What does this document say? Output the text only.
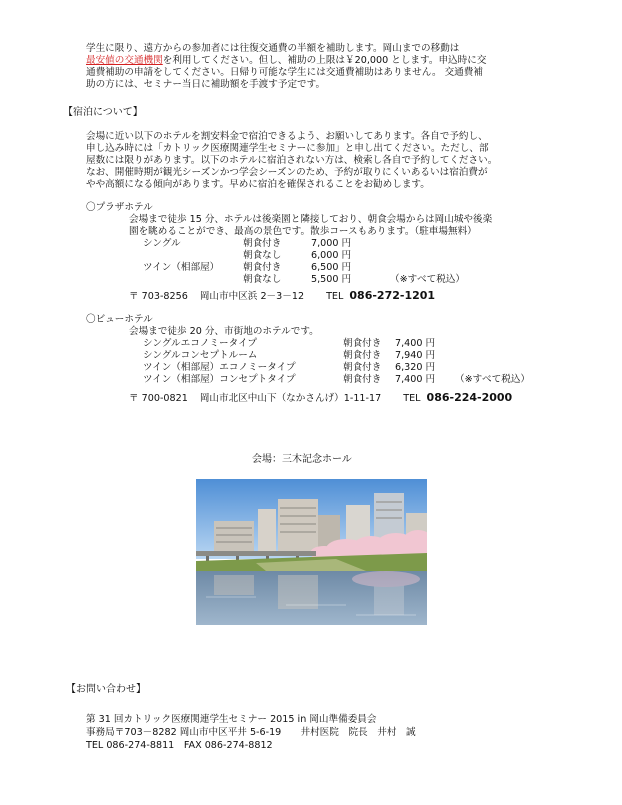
学生に限り、遠方からの参加者には往復交通費の半額を補助します。岡山までの移動は
最安値の交通機関を利用してください。但し、補助の上限は￥20,000 とします。申込時に交
通費補助の申請をしてください。日帰り可能な学生には交通費補助はありません。 交通費補
助の方には、セミナー当日に補助額を手渡す予定です。
【宿泊について】
会場に近い以下のホテルを割安料金で宿泊できるよう、お願いしてあります。各自で予約し、
申し込み時には「カトリック医療関連学生セミナーに参加」と申し出てください。ただし、部
屋数には限りがあります。以下のホテルに宿泊されない方は、検索し各自で予約してください。
なお、開催時期が観光シーズンかつ学会シーズンのため、予約が取りにくいあるいは宿泊費が
やや高額になる傾向があります。早めに宿泊を確保されることをお勧めします。
〇プラザホテル
会場まで徒歩 15 分、ホテルは後楽園と隣接しており、朝食会場からは岡山城や後楽
園を眺めることができ、最高の景色です。散歩コースもあります。（駐車場無料）
シングル	朝食付き	7,000 円
朝食なし	6,000 円
ツイン（相部屋） 朝食付き	6,500 円
朝食なし	5,500 円	（※すべて税込）
〒 703-8256 岡山市中区浜 2－3－12 TEL 086-272-1201
〇ビューホテル
会場まで徒歩 20 分、市街地のホテルです。
シングルエコノミータイプ	朝食付き 7,400 円
シングルコンセプトルーム	朝食付き 7,940 円
ツイン（相部屋）エコノミータイプ	朝食付き 6,320 円
ツイン（相部屋）コンセプトタイプ	朝食付き 7,400 円 （※すべて税込）
〒 700-0821 岡山市北区中山下（なかさんげ）1-11-17 TEL 086-224-2000
会場：三木記念ホール
【お問い合わせ】
第 31 回カトリック医療関連学生セミナー 2015 in 岡山準備委員会
事務局〒703－8282 岡山市中区平井 5-6-19　　井村医院　院長　井村　誠
TEL 086-274-8811　FAX 086-274-8812
